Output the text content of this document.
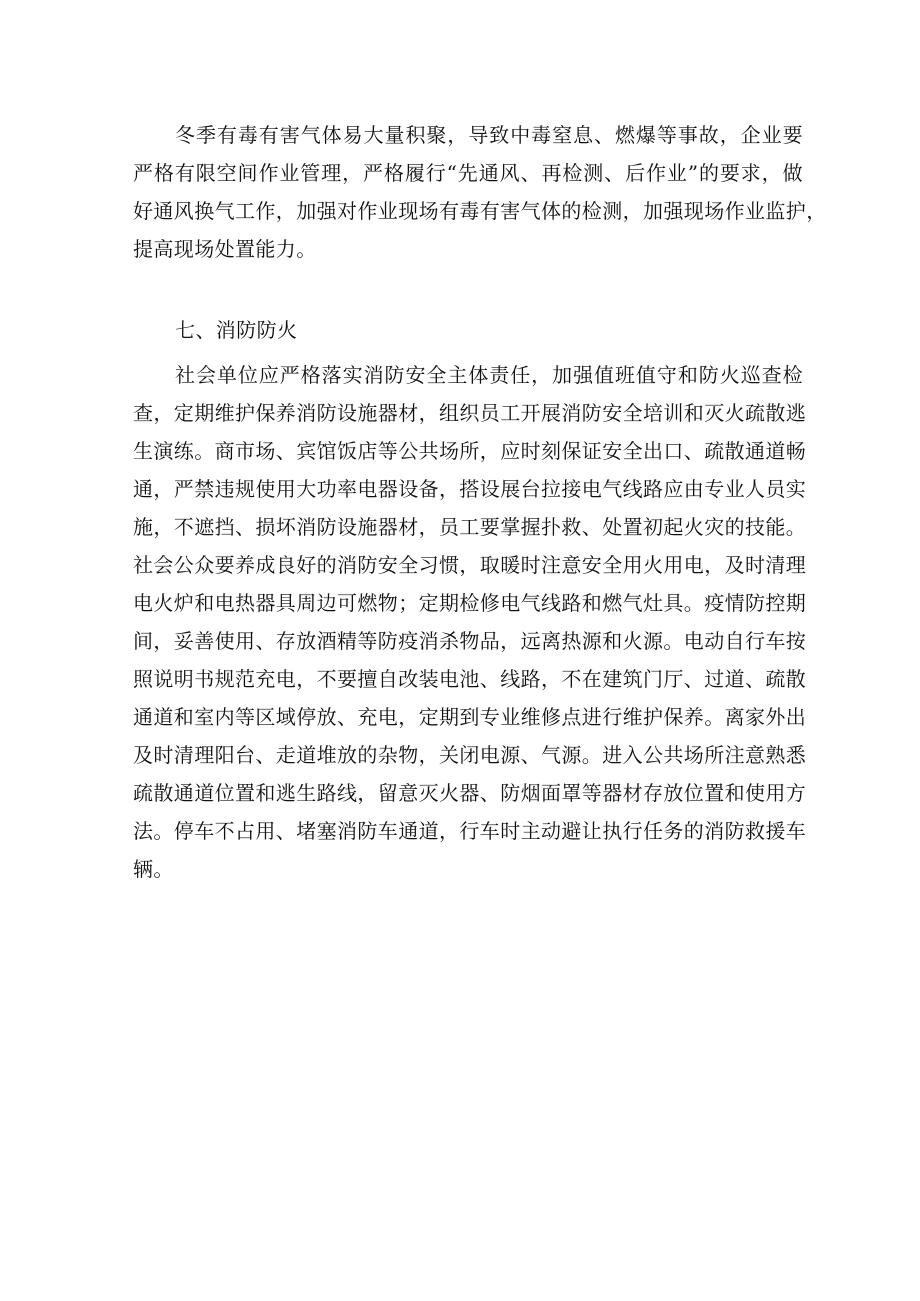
冬季有毒有害气体易大量积聚，导致中毒窒息、燃爆等事故，企业要
严格有限空间作业管理，严格履行“先通风、再检测、后作业”的要求，做
好通风换气工作，加强对作业现场有毒有害气体的检测，加强现场作业监护，
提高现场处置能力。
七、消防防火
社会单位应严格落实消防安全主体责任，加强值班值守和防火巡查检
查，定期维护保养消防设施器材，组织员工开展消防安全培训和灭火疏散逃
生演练。商市场、宾馆饭店等公共场所，应时刻保证安全出口、疏散通道畅
通，严禁违规使用大功率电器设备，搭设展台拉接电气线路应由专业人员实
施，不遮挡、损坏消防设施器材，员工要掌握扑救、处置初起火灾的技能。
社会公众要养成良好的消防安全习惯，取暖时注意安全用火用电，及时清理
电火炉和电热器具周边可燃物；定期检修电气线路和燃气灶具。疫情防控期
间，妥善使用、存放酒精等防疫消杀物品，远离热源和火源。电动自行车按
照说明书规范充电，不要擅自改装电池、线路，不在建筑门厅、过道、疏散
通道和室内等区域停放、充电，定期到专业维修点进行维护保养。离家外出
及时清理阳台、走道堆放的杂物，关闭电源、气源。进入公共场所注意熟悉
疏散通道位置和逃生路线，留意灭火器、防烟面罩等器材存放位置和使用方
法。停车不占用、堵塞消防车通道，行车时主动避让执行任务的消防救援车
辆。
